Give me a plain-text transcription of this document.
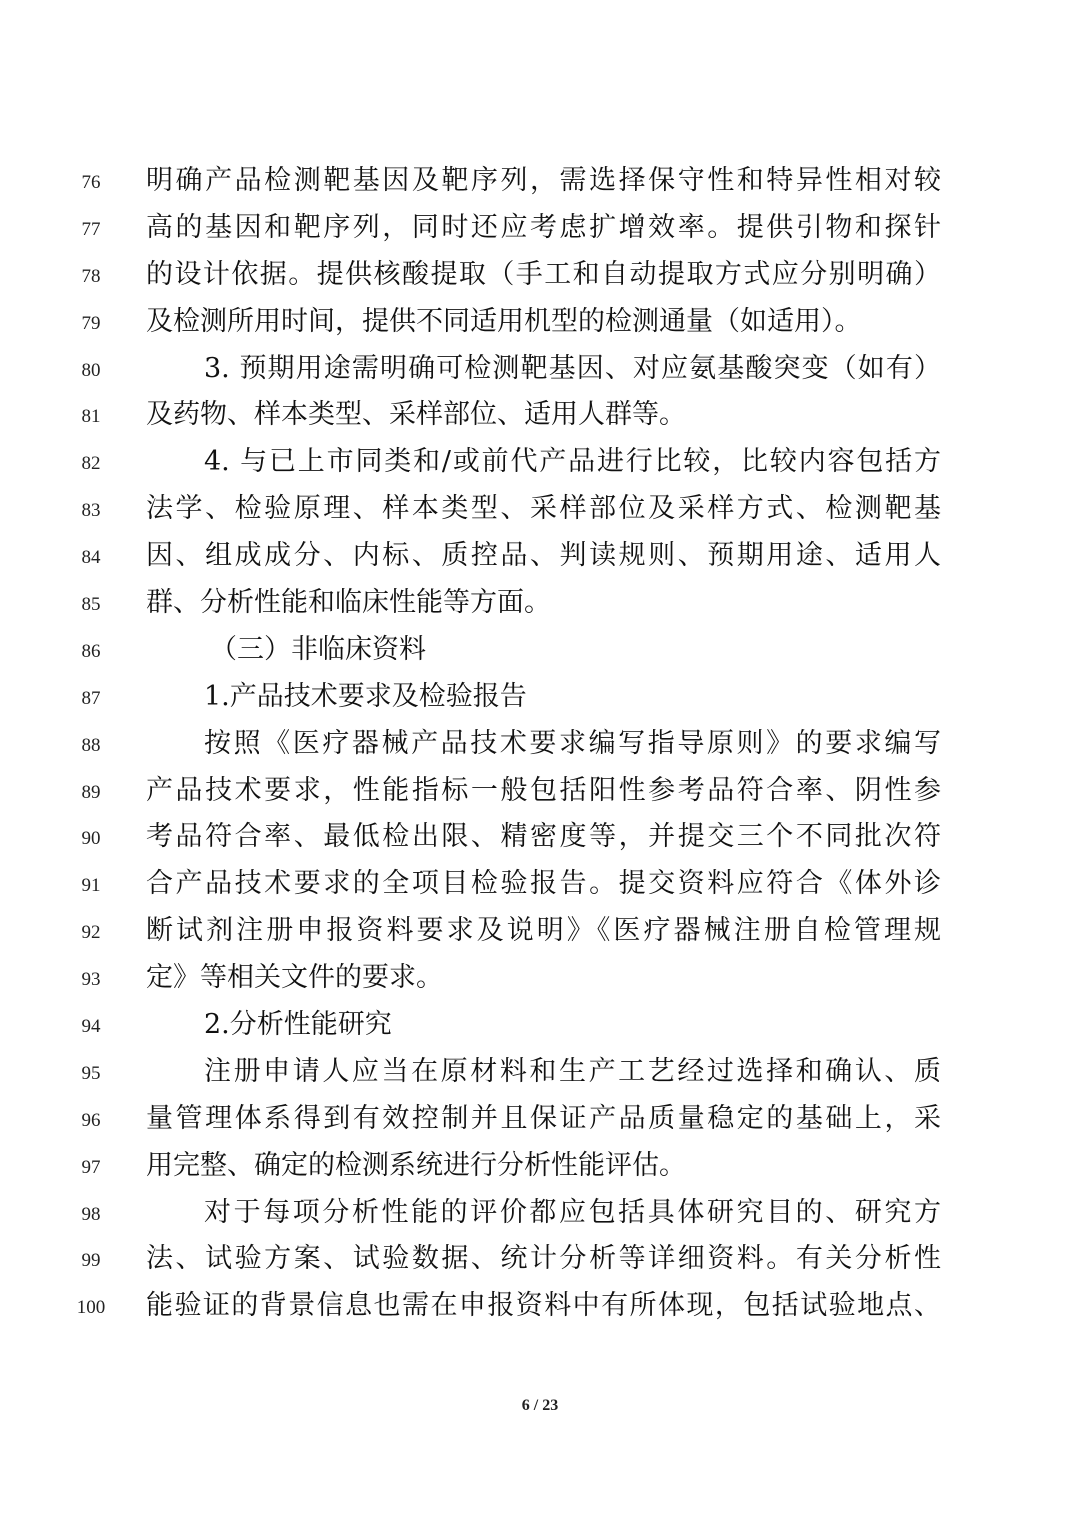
76	明确产品检测靶基因及靶序列，需选择保守性和特异性相对较
77	高的基因和靶序列，同时还应考虑扩增效率。提供引物和探针
78	的设计依据。提供核酸提取（手工和自动提取方式应分别明确）
79	及检测所用时间，提供不同适用机型的检测通量（如适用）。
80	3. 预期用途需明确可检测靶基因、对应氨基酸突变（如有）
81	及药物、样本类型、采样部位、适用人群等。
82	4. 与已上市同类和/或前代产品进行比较，比较内容包括方
83	法学、检验原理、样本类型、采样部位及采样方式、检测靶基
84	因、组成成分、内标、质控品、判读规则、预期用途、适用人
85	群、分析性能和临床性能等方面。
86	（三）非临床资料
87	1.产品技术要求及检验报告
88	按照《医疗器械产品技术要求编写指导原则》的要求编写
89	产品技术要求，性能指标一般包括阳性参考品符合率、阴性参
90	考品符合率、最低检出限、精密度等，并提交三个不同批次符
91	合产品技术要求的全项目检验报告。提交资料应符合《体外诊
92	断试剂注册申报资料要求及说明》《医疗器械注册自检管理规
93	定》等相关文件的要求。
94	2.分析性能研究
95	注册申请人应当在原材料和生产工艺经过选择和确认、质
96	量管理体系得到有效控制并且保证产品质量稳定的基础上，采
97	用完整、确定的检测系统进行分析性能评估。
98	对于每项分析性能的评价都应包括具体研究目的、研究方
99	法、试验方案、试验数据、统计分析等详细资料。有关分析性
100	能验证的背景信息也需在申报资料中有所体现，包括试验地点、
6 / 23
